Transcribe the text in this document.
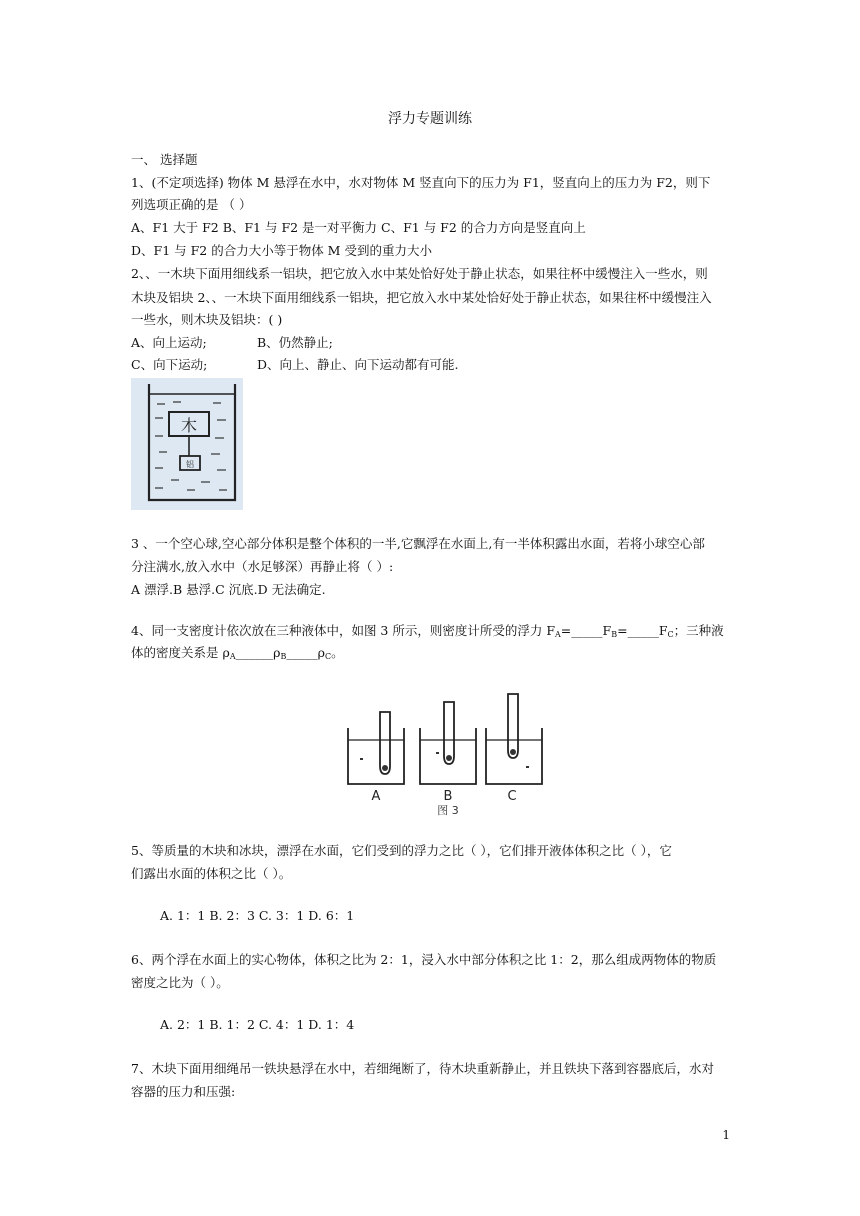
浮力专题训练
一、 选择题
1、(不定项选择) 物体 M 悬浮在水中，水对物体 M 竖直向下的压力为 F1，竖直向上的压力为 F2，则下
列选项正确的是 （ ）
A、F1 大于 F2 B、F1 与 F2 是一对平衡力 C、F1 与 F2 的合力方向是竖直向上
D、F1 与 F2 的合力大小等于物体 M 受到的重力大小
2、、一木块下面用细线系一铝块，把它放入水中某处恰好处于静止状态，如果往杯中缓慢注入一些水，则
木块及铝块 2、、一木块下面用细线系一铝块，把它放入水中某处恰好处于静止状态，如果往杯中缓慢注入
一些水，则木块及铝块：( )
A、向上运动;	B、仍然静止;
C、向下运动;	D、向上、静止、向下运动都有可能.
木
铝
3 、一个空心球,空心部分体积是整个体积的一半,它飘浮在水面上,有一半体积露出水面，若将小球空心部
分注满水,放入水中（水足够深）再静止将（ ）:
A 漂浮.B 悬浮.C 沉底.D 无法确定.
4、同一支密度计依次放在三种液体中，如图 3 所示，则密度计所受的浮力 $F_A=\_\_\_\_\_F_B=\_\_\_\_\_F_C$；三种液
体的密度关系是 $\rho_A\_\_\_\_\_\_\rho_B\_\_\_\_\_\rho_C$。
A	B	C
图 3
5、等质量的木块和冰块，漂浮在水面，它们受到的浮力之比（ ），它们排开液体体积之比（ ），它
们露出水面的体积之比（ ）。
A. 1：1 B. 2：3 C. 3：1 D. 6：1
6、两个浮在水面上的实心物体，体积之比为 2：1，浸入水中部分体积之比 1：2，那么组成两物体的物质
密度之比为（ ）。
A. 2：1 B. 1：2 C. 4：1 D. 1：4
7、木块下面用细绳吊一铁块悬浮在水中，若细绳断了，待木块重新静止，并且铁块下落到容器底后，水对
容器的压力和压强:
1
